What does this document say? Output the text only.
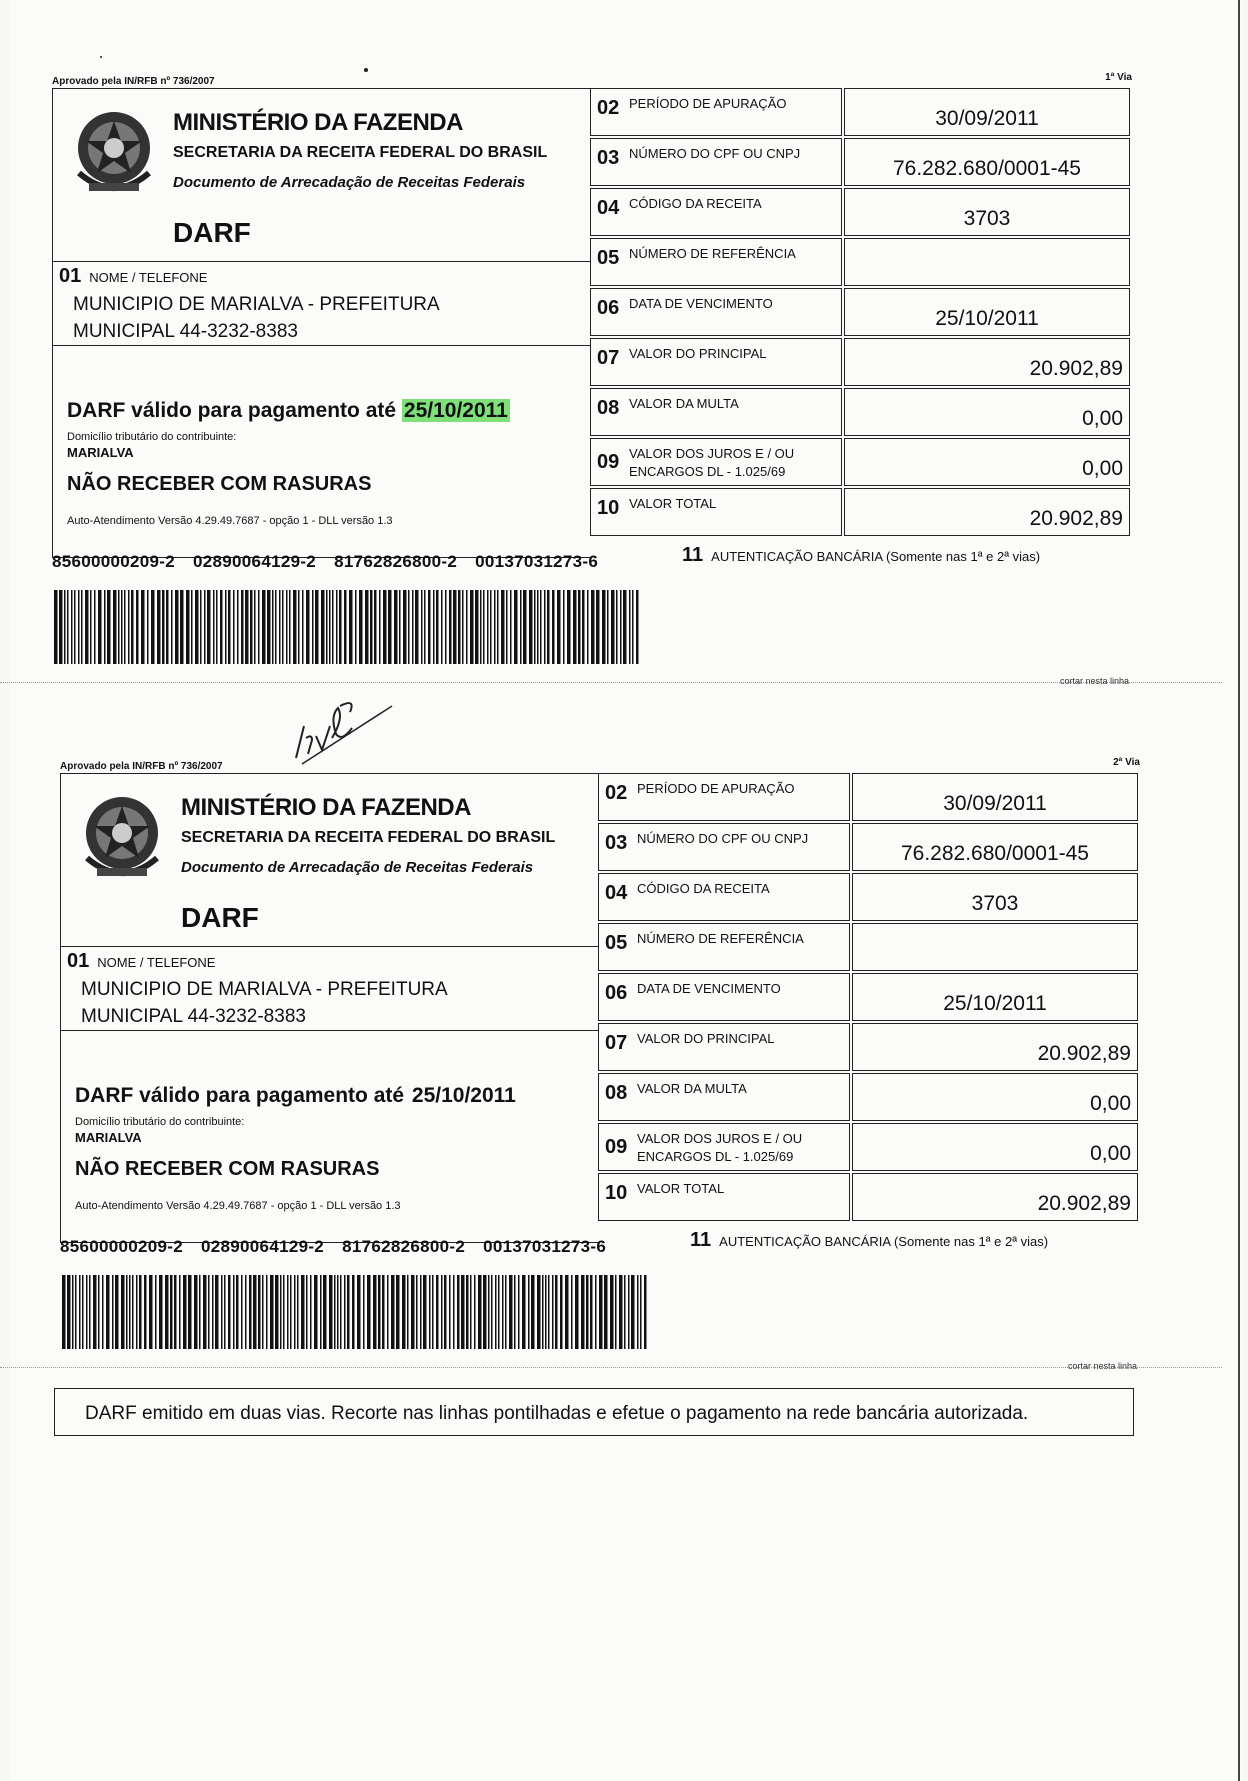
Aprovado pela IN/RFB nº 736/2007	1ª Via
MINISTÉRIO DA FAZENDA
SECRETARIA DA RECEITA FEDERAL DO BRASIL
Documento de Arrecadação de Receitas Federais
DARF
01 NOME / TELEFONE
MUNICIPIO DE MARIALVA - PREFEITURA
MUNICIPAL 44-3232-8383
DARF válido para pagamento até 25/10/2011
Domicílio tributário do contribuinte:
MARIALVA
NÃO RECEBER COM RASURAS
Auto-Atendimento Versão 4.29.49.7687 - opção 1 - DLL versão 1.3
02 PERÍODO DE APURAÇÃO
30/09/2011
03 NÚMERO DO CPF OU CNPJ
76.282.680/0001-45
04 CÓDIGO DA RECEITA
3703
05 NÚMERO DE REFERÊNCIA
06 DATA DE VENCIMENTO
25/10/2011
07 VALOR DO PRINCIPAL
20.902,89
08 VALOR DA MULTA
0,00
09 VALOR DOS JUROS E / OU
ENCARGOS DL - 1.025/69	0,00
10 VALOR TOTAL
20.902,89
11 AUTENTICAÇÃO BANCÁRIA (Somente nas 1ª e 2ª vias)
85600000209-2 02890064129-2 81762826800-2 00137031273-6
cortar nesta linha
Aprovado pela IN/RFB nº 736/2007	2ª Via
MINISTÉRIO DA FAZENDA
SECRETARIA DA RECEITA FEDERAL DO BRASIL
Documento de Arrecadação de Receitas Federais
DARF
01 NOME / TELEFONE
MUNICIPIO DE MARIALVA - PREFEITURA
MUNICIPAL 44-3232-8383
DARF válido para pagamento até 25/10/2011
Domicílio tributário do contribuinte:
MARIALVA
NÃO RECEBER COM RASURAS
Auto-Atendimento Versão 4.29.49.7687 - opção 1 - DLL versão 1.3
02 PERÍODO DE APURAÇÃO
30/09/2011
03 NÚMERO DO CPF OU CNPJ
76.282.680/0001-45
04 CÓDIGO DA RECEITA
3703
05 NÚMERO DE REFERÊNCIA
06 DATA DE VENCIMENTO
25/10/2011
07 VALOR DO PRINCIPAL
20.902,89
08 VALOR DA MULTA
0,00
09 VALOR DOS JUROS E / OU
ENCARGOS DL - 1.025/69	0,00
10 VALOR TOTAL
20.902,89
11 AUTENTICAÇÃO BANCÁRIA (Somente nas 1ª e 2ª vias)
85600000209-2 02890064129-2 81762826800-2 00137031273-6
cortar nesta linha
DARF emitido em duas vias. Recorte nas linhas pontilhadas e efetue o pagamento na rede bancária autorizada.
